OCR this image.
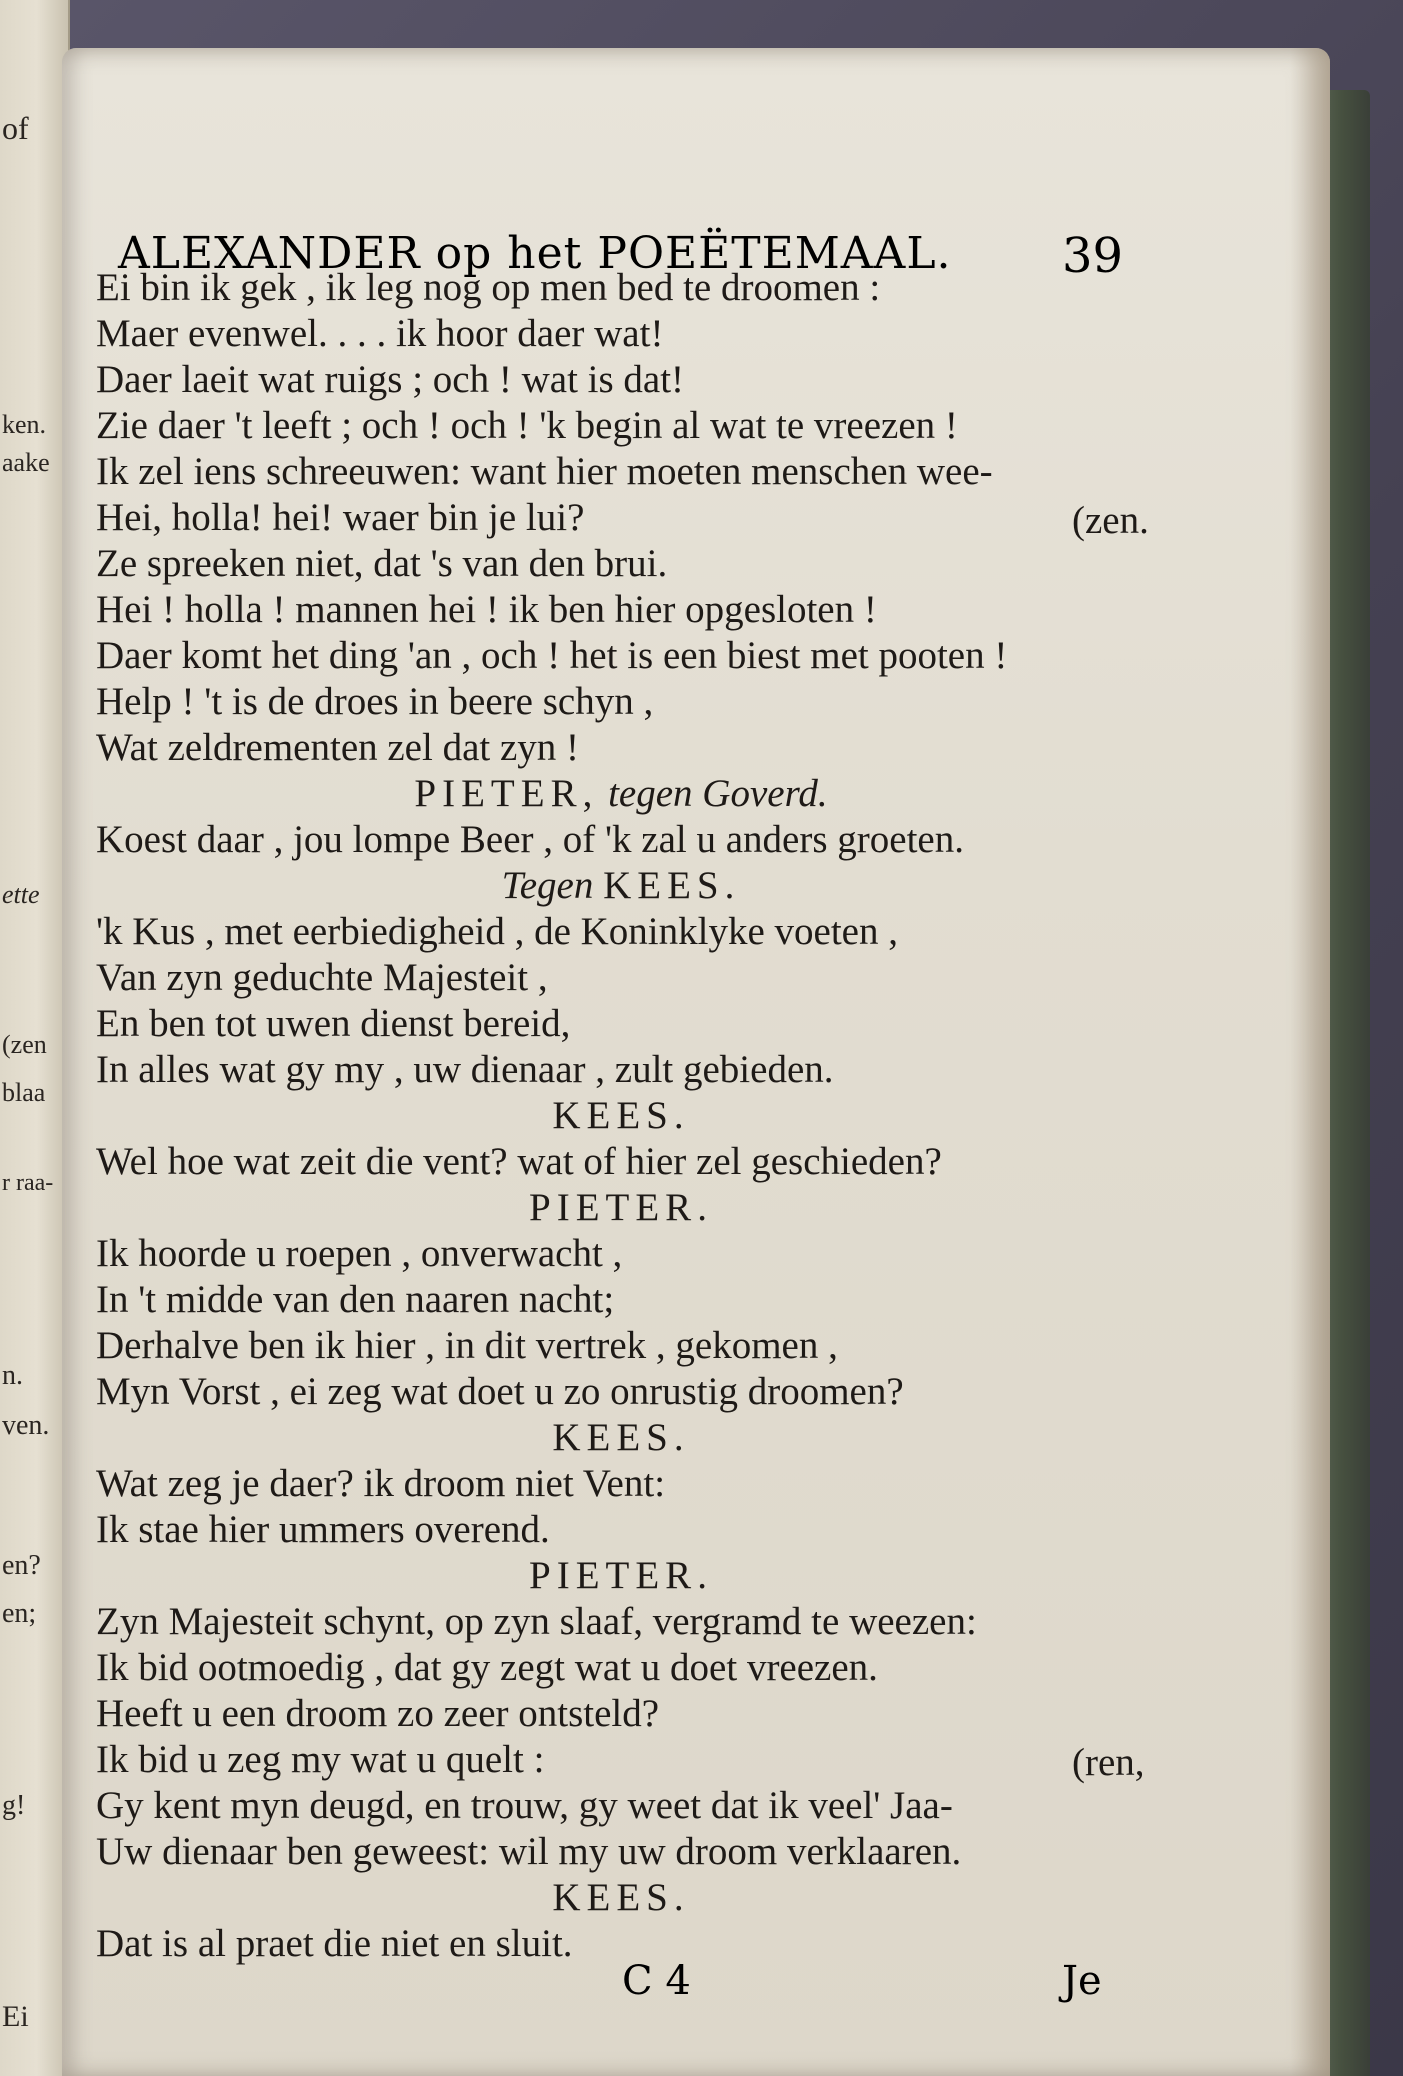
of
ken.
aake
ette
(zen
blaa
r raa-
n.
ven.
en?
en;
g!
Ei
ALEXANDER op het POEËTEMAAL. 39
Ei bin ik gek , ik leg nog op men bed te droomen :
Maer evenwel. . . . ik hoor daer wat!
Daer laeit wat ruigs ; och ! wat is dat!
Zie daer 't leeft ; och ! och ! 'k begin al wat te vreezen !
Ik zel iens schreeuwen: want hier moeten menschen wee-
Hei, holla! hei! waer bin je lui?	(zen.
Ze spreeken niet, dat 's van den brui.
Hei ! holla ! mannen hei ! ik ben hier opgesloten !
Daer komt het ding 'an , och ! het is een biest met pooten !
Help ! 't is de droes in beere schyn ,
Wat zeldrementen zel dat zyn !
PIETER, tegen Goverd.
Koest daar , jou lompe Beer , of 'k zal u anders groeten.
Tegen KEES.
'k Kus , met eerbiedigheid , de Koninklyke voeten ,
Van zyn geduchte Majesteit ,
En ben tot uwen dienst bereid,
In alles wat gy my , uw dienaar , zult gebieden.
KEES.
Wel hoe wat zeit die vent? wat of hier zel geschieden?
PIETER.
Ik hoorde u roepen , onverwacht ,
In 't midde van den naaren nacht;
Derhalve ben ik hier , in dit vertrek , gekomen ,
Myn Vorst , ei zeg wat doet u zo onrustig droomen?
KEES.
Wat zeg je daer? ik droom niet Vent:
Ik stae hier ummers overend.
PIETER.
Zyn Majesteit schynt, op zyn slaaf, vergramd te weezen:
Ik bid ootmoedig , dat gy zegt wat u doet vreezen.
Heeft u een droom zo zeer ontsteld?
Ik bid u zeg my wat u quelt :	(ren,
Gy kent myn deugd, en trouw, gy weet dat ik veel' Jaa-
Uw dienaar ben geweest: wil my uw droom verklaaren.
KEES.
Dat is al praet die niet en sluit.
C 4	Je
